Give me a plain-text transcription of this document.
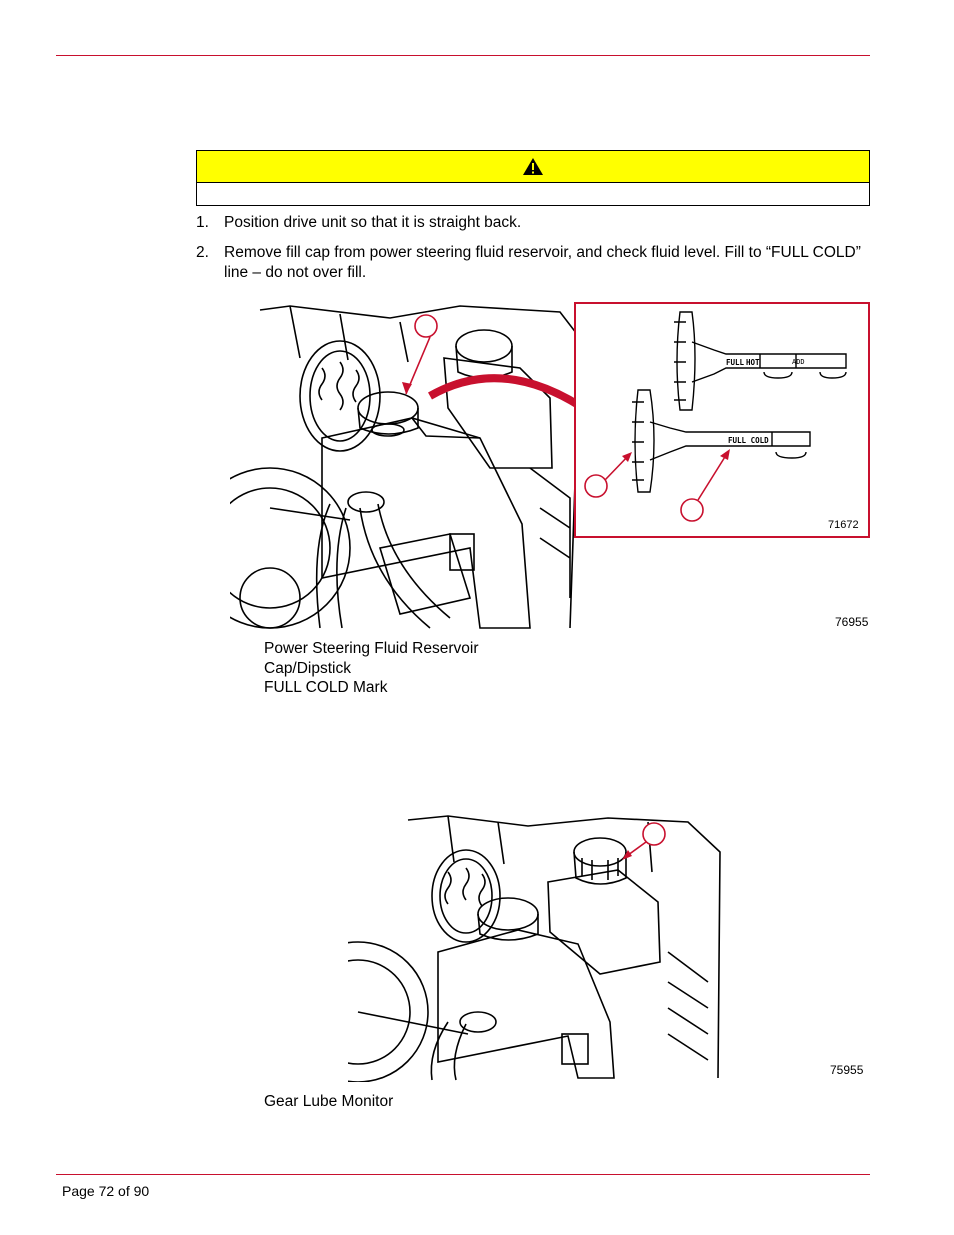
1. Position drive unit so that it is straight back.
2. Remove fill cap from power steering fluid reservoir, and check fluid level. Fill to “FULL COLD” line – do not over fill.
FULL HOT	ADD
FULL COLD
71672
76955
Power Steering Fluid Reservoir
Cap/Dipstick
FULL COLD Mark
75955
Gear Lube Monitor
Page 72 of 90
